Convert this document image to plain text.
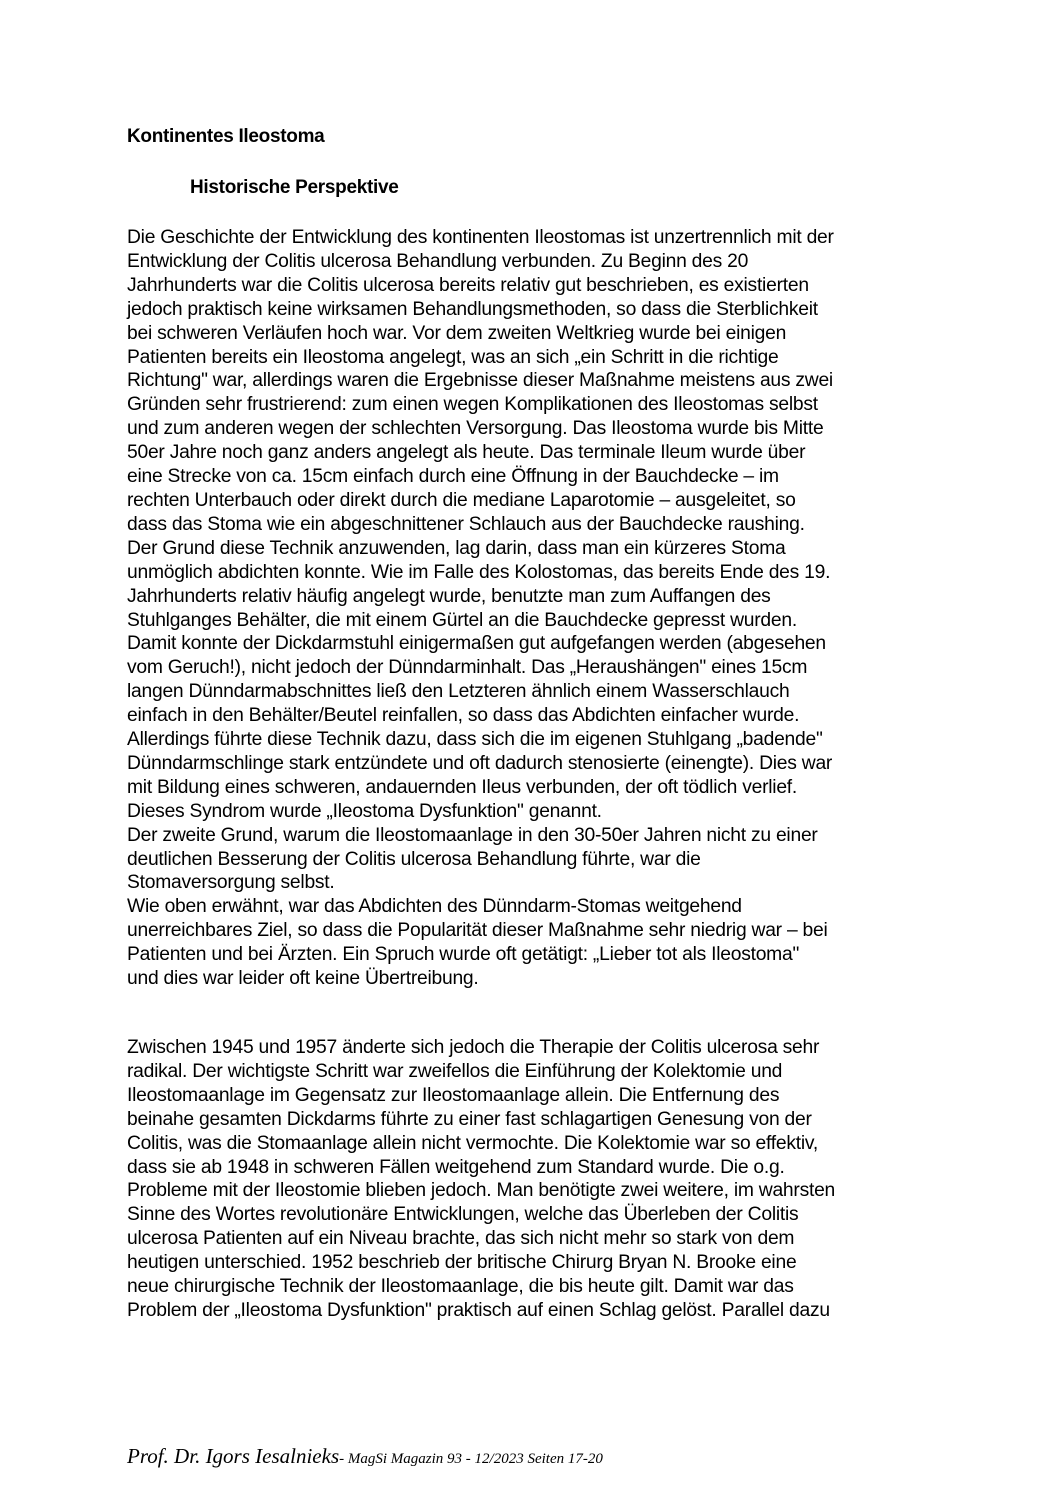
Kontinentes Ileostoma
Historische Perspektive
Die Geschichte der Entwicklung des kontinenten Ileostomas ist unzertrennlich mit der
Entwicklung der Colitis ulcerosa Behandlung verbunden. Zu Beginn des 20
Jahrhunderts war die Colitis ulcerosa bereits relativ gut beschrieben, es existierten
jedoch praktisch keine wirksamen Behandlungsmethoden, so dass die Sterblichkeit
bei schweren Verläufen hoch war. Vor dem zweiten Weltkrieg wurde bei einigen
Patienten bereits ein Ileostoma angelegt, was an sich „ein Schritt in die richtige
Richtung" war, allerdings waren die Ergebnisse dieser Maßnahme meistens aus zwei
Gründen sehr frustrierend: zum einen wegen Komplikationen des Ileostomas selbst
und zum anderen wegen der schlechten Versorgung. Das Ileostoma wurde bis Mitte
50er Jahre noch ganz anders angelegt als heute. Das terminale Ileum wurde über
eine Strecke von ca. 15cm einfach durch eine Öffnung in der Bauchdecke – im
rechten Unterbauch oder direkt durch die mediane Laparotomie – ausgeleitet, so
dass das Stoma wie ein abgeschnittener Schlauch aus der Bauchdecke raushing.
Der Grund diese Technik anzuwenden, lag darin, dass man ein kürzeres Stoma
unmöglich abdichten konnte. Wie im Falle des Kolostomas, das bereits Ende des 19.
Jahrhunderts relativ häufig angelegt wurde, benutzte man zum Auffangen des
Stuhlganges Behälter, die mit einem Gürtel an die Bauchdecke gepresst wurden.
Damit konnte der Dickdarmstuhl einigermaßen gut aufgefangen werden (abgesehen
vom Geruch!), nicht jedoch der Dünndarminhalt. Das „Heraushängen" eines 15cm
langen Dünndarmabschnittes ließ den Letzteren ähnlich einem Wasserschlauch
einfach in den Behälter/Beutel reinfallen, so dass das Abdichten einfacher wurde.
Allerdings führte diese Technik dazu, dass sich die im eigenen Stuhlgang „badende"
Dünndarmschlinge stark entzündete und oft dadurch stenosierte (einengte). Dies war
mit Bildung eines schweren, andauernden Ileus verbunden, der oft tödlich verlief.
Dieses Syndrom wurde „Ileostoma Dysfunktion" genannt.
Der zweite Grund, warum die Ileostomaanlage in den 30-50er Jahren nicht zu einer
deutlichen Besserung der Colitis ulcerosa Behandlung führte, war die
Stomaversorgung selbst.
Wie oben erwähnt, war das Abdichten des Dünndarm-Stomas weitgehend
unerreichbares Ziel, so dass die Popularität dieser Maßnahme sehr niedrig war – bei
Patienten und bei Ärzten. Ein Spruch wurde oft getätigt: „Lieber tot als Ileostoma"
und dies war leider oft keine Übertreibung.
Zwischen 1945 und 1957 änderte sich jedoch die Therapie der Colitis ulcerosa sehr
radikal. Der wichtigste Schritt war zweifellos die Einführung der Kolektomie und
Ileostomaanlage im Gegensatz zur Ileostomaanlage allein. Die Entfernung des
beinahe gesamten Dickdarms führte zu einer fast schlagartigen Genesung von der
Colitis, was die Stomaanlage allein nicht vermochte. Die Kolektomie war so effektiv,
dass sie ab 1948 in schweren Fällen weitgehend zum Standard wurde. Die o.g.
Probleme mit der Ileostomie blieben jedoch. Man benötigte zwei weitere, im wahrsten
Sinne des Wortes revolutionäre Entwicklungen, welche das Überleben der Colitis
ulcerosa Patienten auf ein Niveau brachte, das sich nicht mehr so stark von dem
heutigen unterschied. 1952 beschrieb der britische Chirurg Bryan N. Brooke eine
neue chirurgische Technik der Ileostomaanlage, die bis heute gilt. Damit war das
Problem der „Ileostoma Dysfunktion" praktisch auf einen Schlag gelöst. Parallel dazu
Prof. Dr. Igors Iesalnieks- MagSi Magazin 93 - 12/2023 Seiten 17-20
